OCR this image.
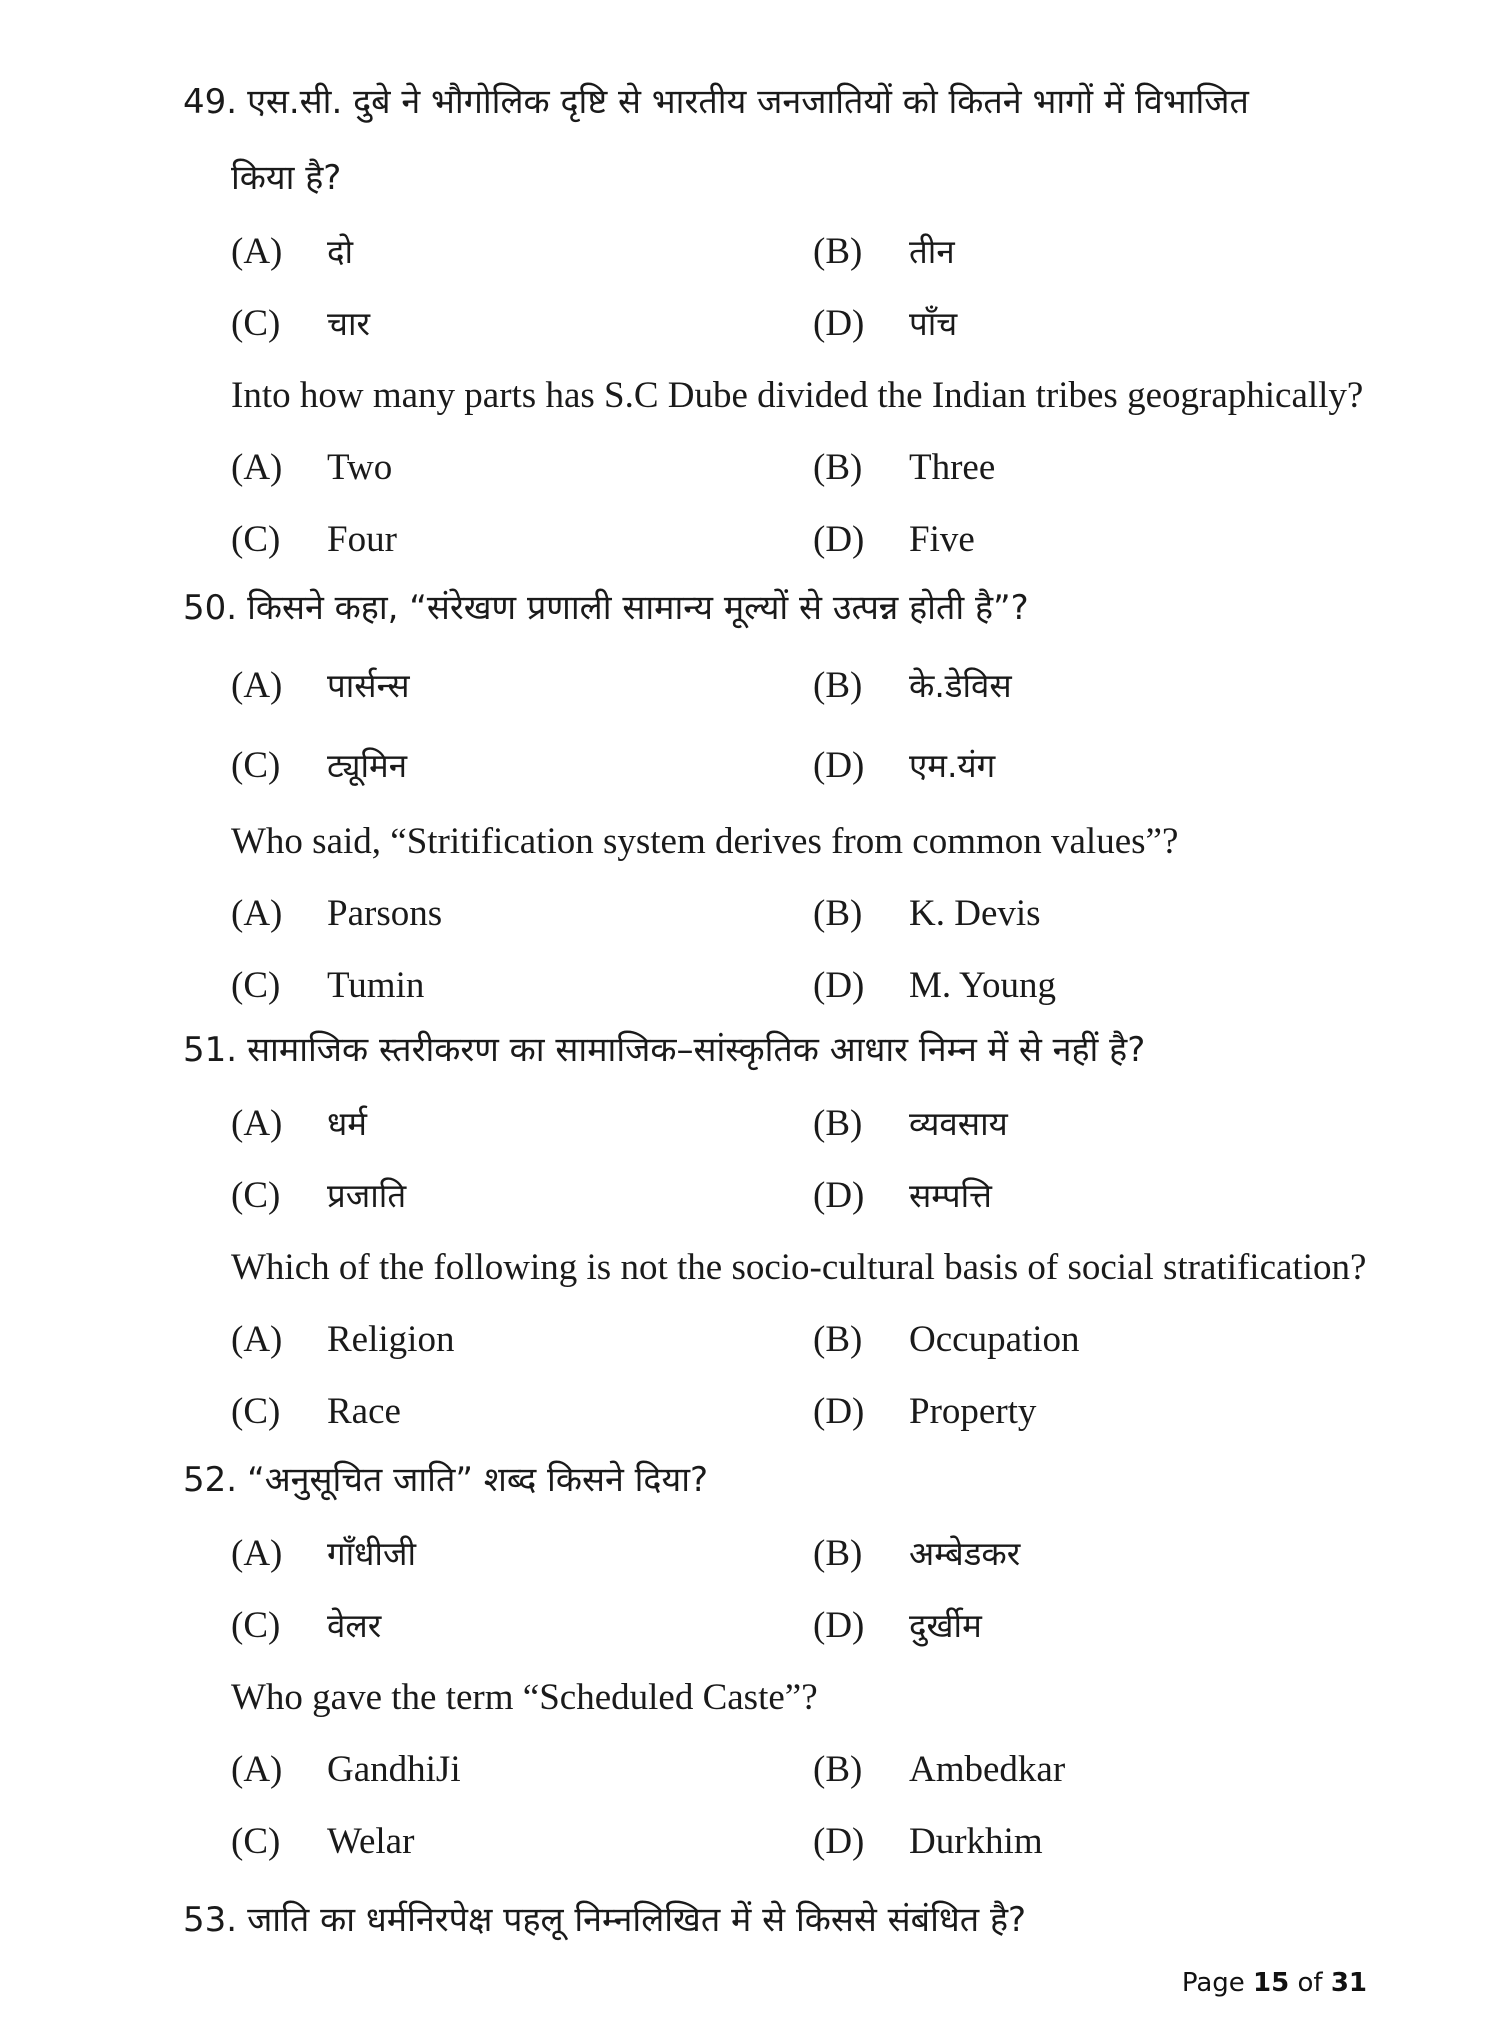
49. एस.सी. दुबे ने भौगोलिक दृष्टि से भारतीय जनजातियों को कितने भागों में विभाजित
किया है?
(A)	दो	(B)	तीन
(C)	चार	(D)	पाँच
Into how many parts has S.C Dube divided the Indian tribes geographically?
(A)	Two	(B)	Three
(C)	Four	(D)	Five
50. किसने कहा, “संरेखण प्रणाली सामान्य मूल्यों से उत्पन्न होती है”?
(A)	पार्सन्स	(B)	के.डेविस
(C)	ट्यूमिन	(D)	एम.यंग
Who said, “Stritification system derives from common values”?
(A)	Parsons	(B)	K. Devis
(C)	Tumin	(D)	M. Young
51. सामाजिक स्तरीकरण का सामाजिक–सांस्कृतिक आधार निम्न में से नहीं है?
(A)	धर्म	(B)	व्यवसाय
(C)	प्रजाति	(D)	सम्पत्ति
Which of the following is not the socio-cultural basis of social stratification?
(A)	Religion	(B)	Occupation
(C)	Race	(D)	Property
52. “अनुसूचित जाति” शब्द किसने दिया?
(A)	गाँधीजी	(B)	अम्बेडकर
(C)	वेलर	(D)	दुर्खीम
Who gave the term “Scheduled Caste”?
(A)	GandhiJi	(B)	Ambedkar
(C)	Welar	(D)	Durkhim
53. जाति का धर्मनिरपेक्ष पहलू निम्नलिखित में से किससे संबंधित है?
Page 15 of 31
